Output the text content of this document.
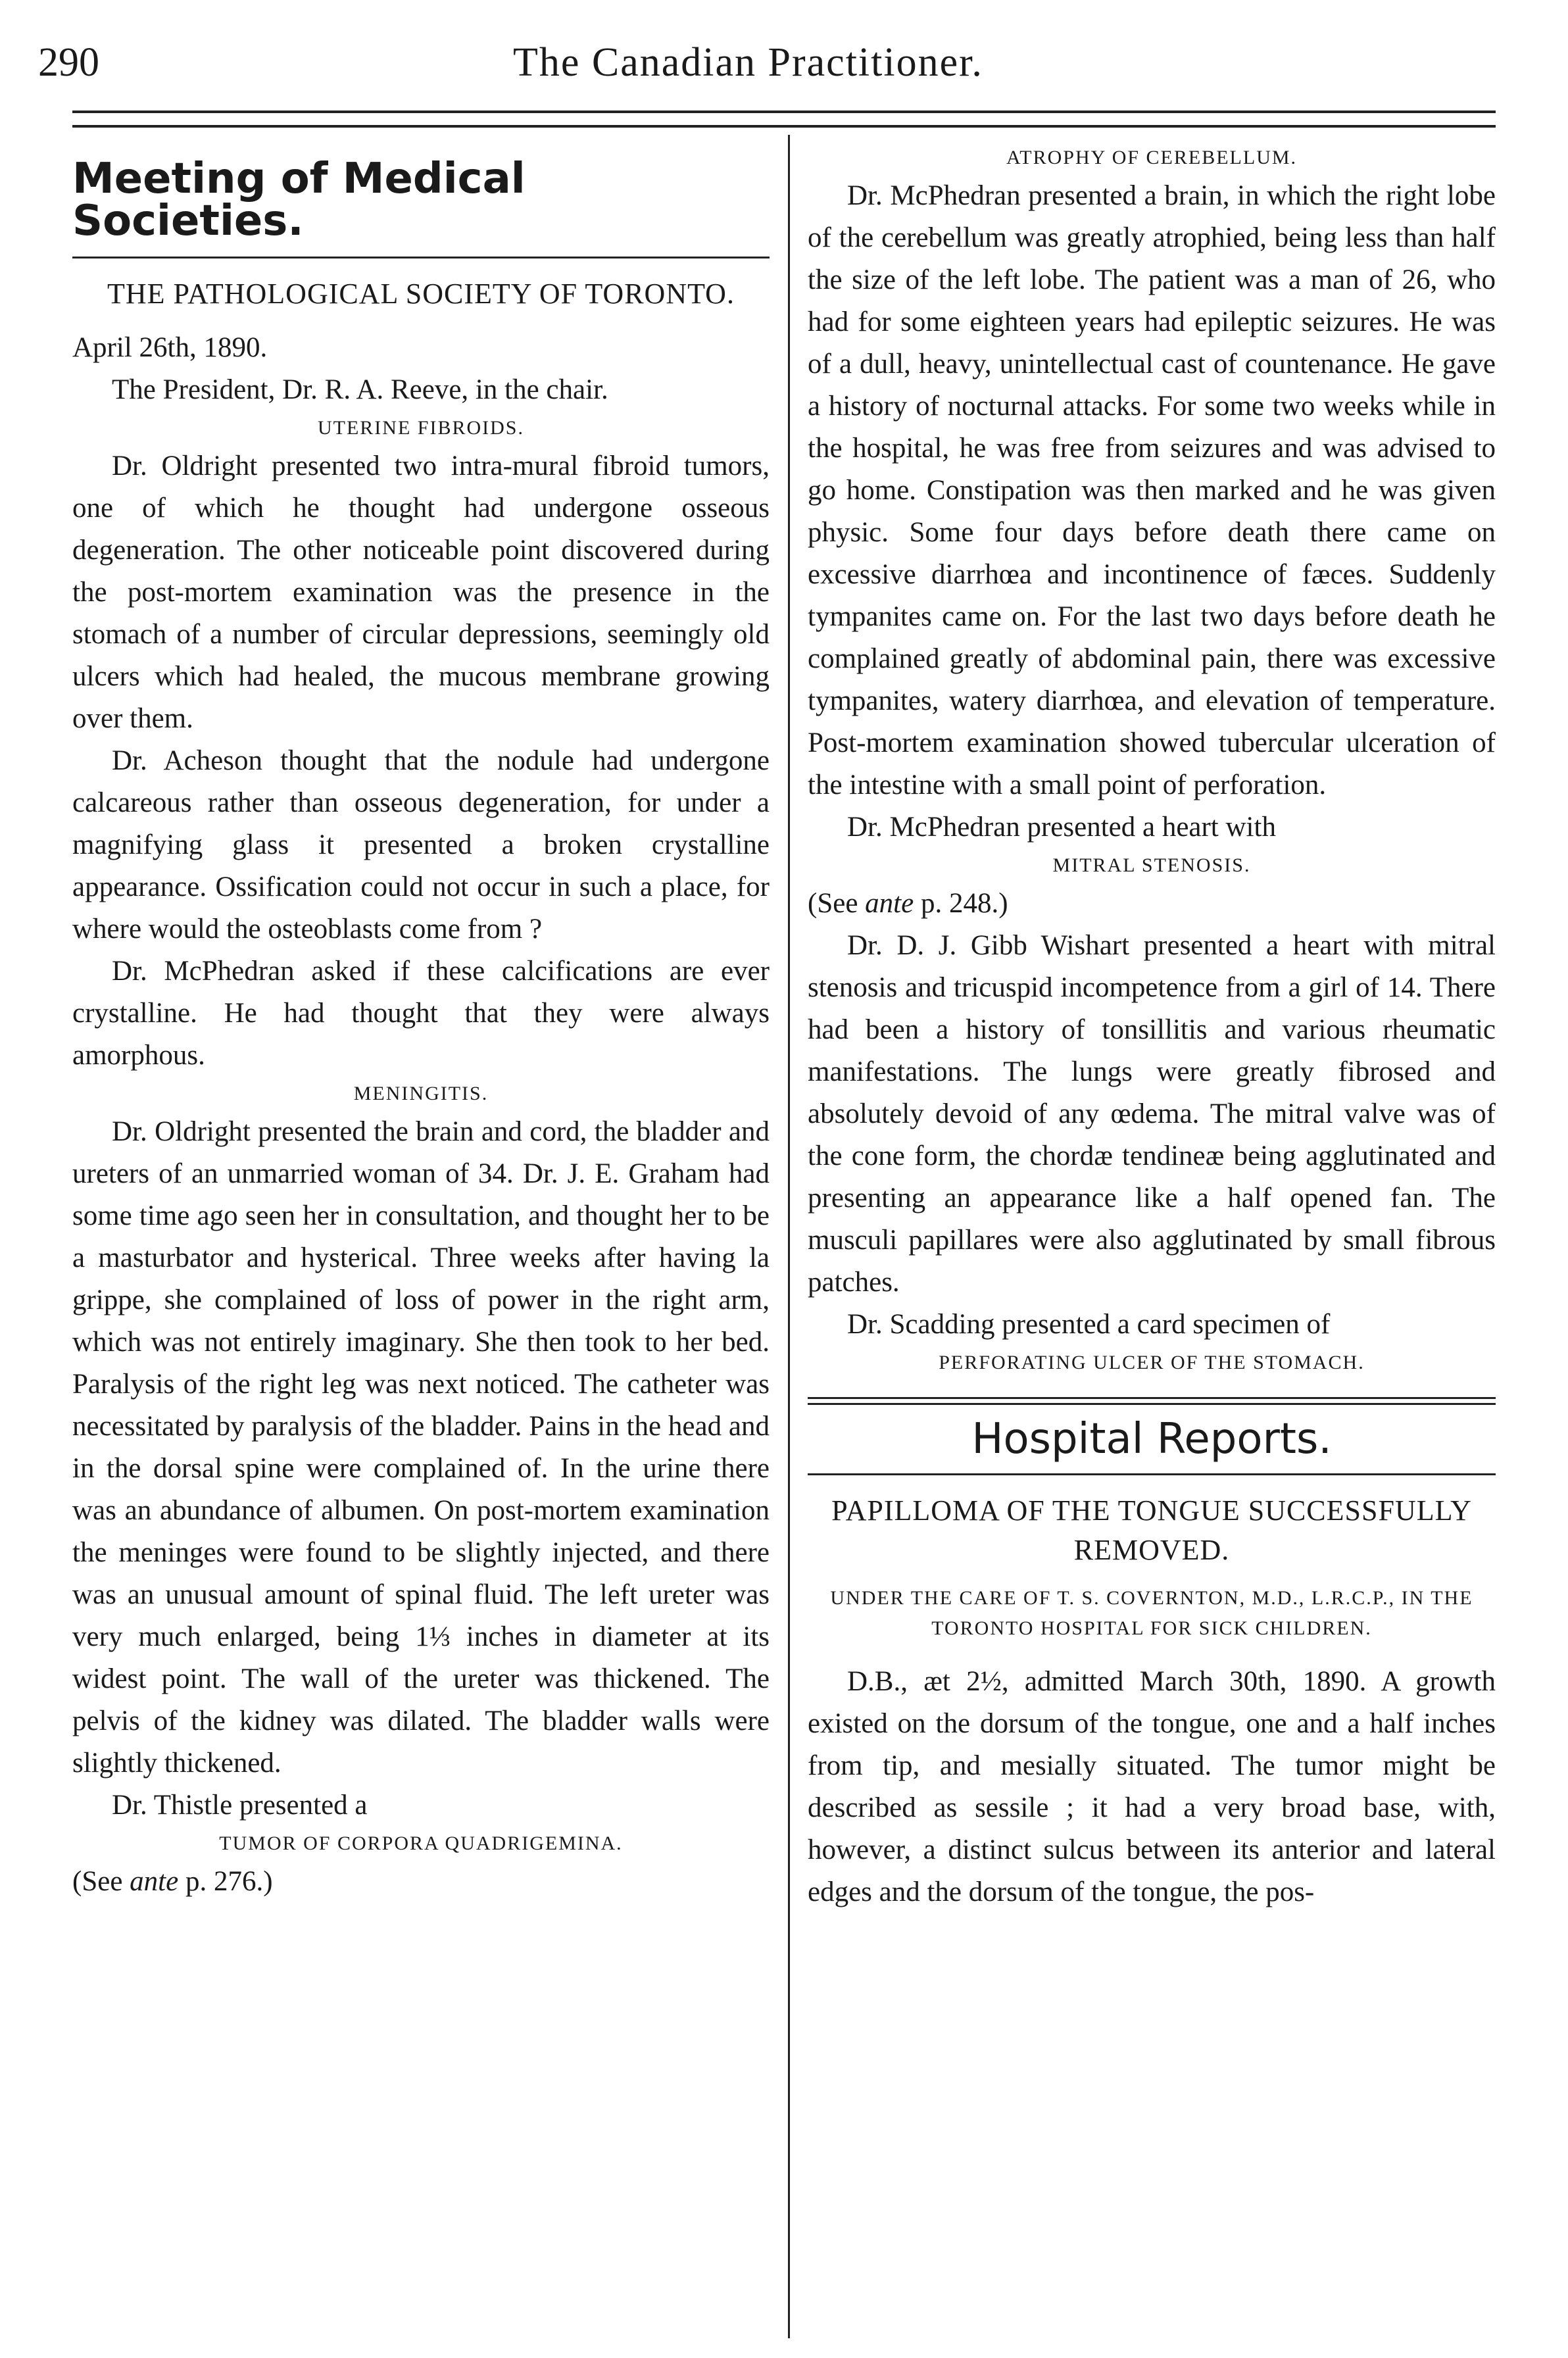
290	The Canadian Practitioner.
Meeting of Medical Societies.
THE PATHOLOGICAL SOCIETY OF TORONTO.

April 26th, 1890.

The President, Dr. R. A. Reeve, in the chair.

UTERINE FIBROIDS.

Dr. Oldright presented two intra-mural fibroid tumors, one of which he thought had undergone osseous degeneration. The other noticeable point discovered during the post-mortem examination was the presence in the stomach of a number of circular depressions, seemingly old ulcers which had healed, the mucous membrane growing over them.

Dr. Acheson thought that the nodule had undergone calcareous rather than osseous degeneration, for under a magnifying glass it presented a broken crystalline appearance. Ossification could not occur in such a place, for where would the osteoblasts come from ?

Dr. McPhedran asked if these calcifications are ever crystalline. He had thought that they were always amorphous.

MENINGITIS.

Dr. Oldright presented the brain and cord, the bladder and ureters of an unmarried woman of 34. Dr. J. E. Graham had some time ago seen her in consultation, and thought her to be a masturbator and hysterical. Three weeks after having la grippe, she complained of loss of power in the right arm, which was not entirely imaginary. She then took to her bed. Paralysis of the right leg was next noticed. The catheter was necessitated by paralysis of the bladder. Pains in the head and in the dorsal spine were complained of. In the urine there was an abundance of albumen. On post-mortem examination the meninges were found to be slightly injected, and there was an unusual amount of spinal fluid. The left ureter was very much enlarged, being 1⅓ inches in diameter at its widest point. The wall of the ureter was thickened. The pelvis of the kidney was dilated. The bladder walls were slightly thickened.

Dr. Thistle presented a

TUMOR OF CORPORA QUADRIGEMINA.

(See ante p. 276.)

ATROPHY OF CEREBELLUM.

Dr. McPhedran presented a brain, in which the right lobe of the cerebellum was greatly atrophied, being less than half the size of the left lobe. The patient was a man of 26, who had for some eighteen years had epileptic seizures. He was of a dull, heavy, unintellectual cast of countenance. He gave a history of nocturnal attacks. For some two weeks while in the hospital, he was free from seizures and was advised to go home. Constipation was then marked and he was given physic. Some four days before death there came on excessive diarrhœa and incontinence of fæces. Suddenly tympanites came on. For the last two days before death he complained greatly of abdominal pain, there was excessive tympanites, watery diarrhœa, and elevation of temperature. Post-mortem examination showed tubercular ulceration of the intestine with a small point of perforation.

Dr. McPhedran presented a heart with

MITRAL STENOSIS.

(See ante p. 248.)

Dr. D. J. Gibb Wishart presented a heart with mitral stenosis and tricuspid incompetence from a girl of 14. There had been a history of tonsillitis and various rheumatic manifestations. The lungs were greatly fibrosed and absolutely devoid of any œdema. The mitral valve was of the cone form, the chordæ tendineæ being agglutinated and presenting an appearance like a half opened fan. The musculi papillares were also agglutinated by small fibrous patches.

Dr. Scadding presented a card specimen of

PERFORATING ULCER OF THE STOMACH.
Hospital Reports.
PAPILLOMA OF THE TONGUE SUCCESSFULLY REMOVED.
UNDER THE CARE OF T. S. COVERNTON, M.D., L.R.C.P., IN THE TORONTO HOSPITAL FOR SICK CHILDREN.

D.B., æt 2½, admitted March 30th, 1890. A growth existed on the dorsum of the tongue, one and a half inches from tip, and mesially situated. The tumor might be described as sessile ; it had a very broad base, with, however, a distinct sulcus between its anterior and lateral edges and the dorsum of the tongue, the pos-
